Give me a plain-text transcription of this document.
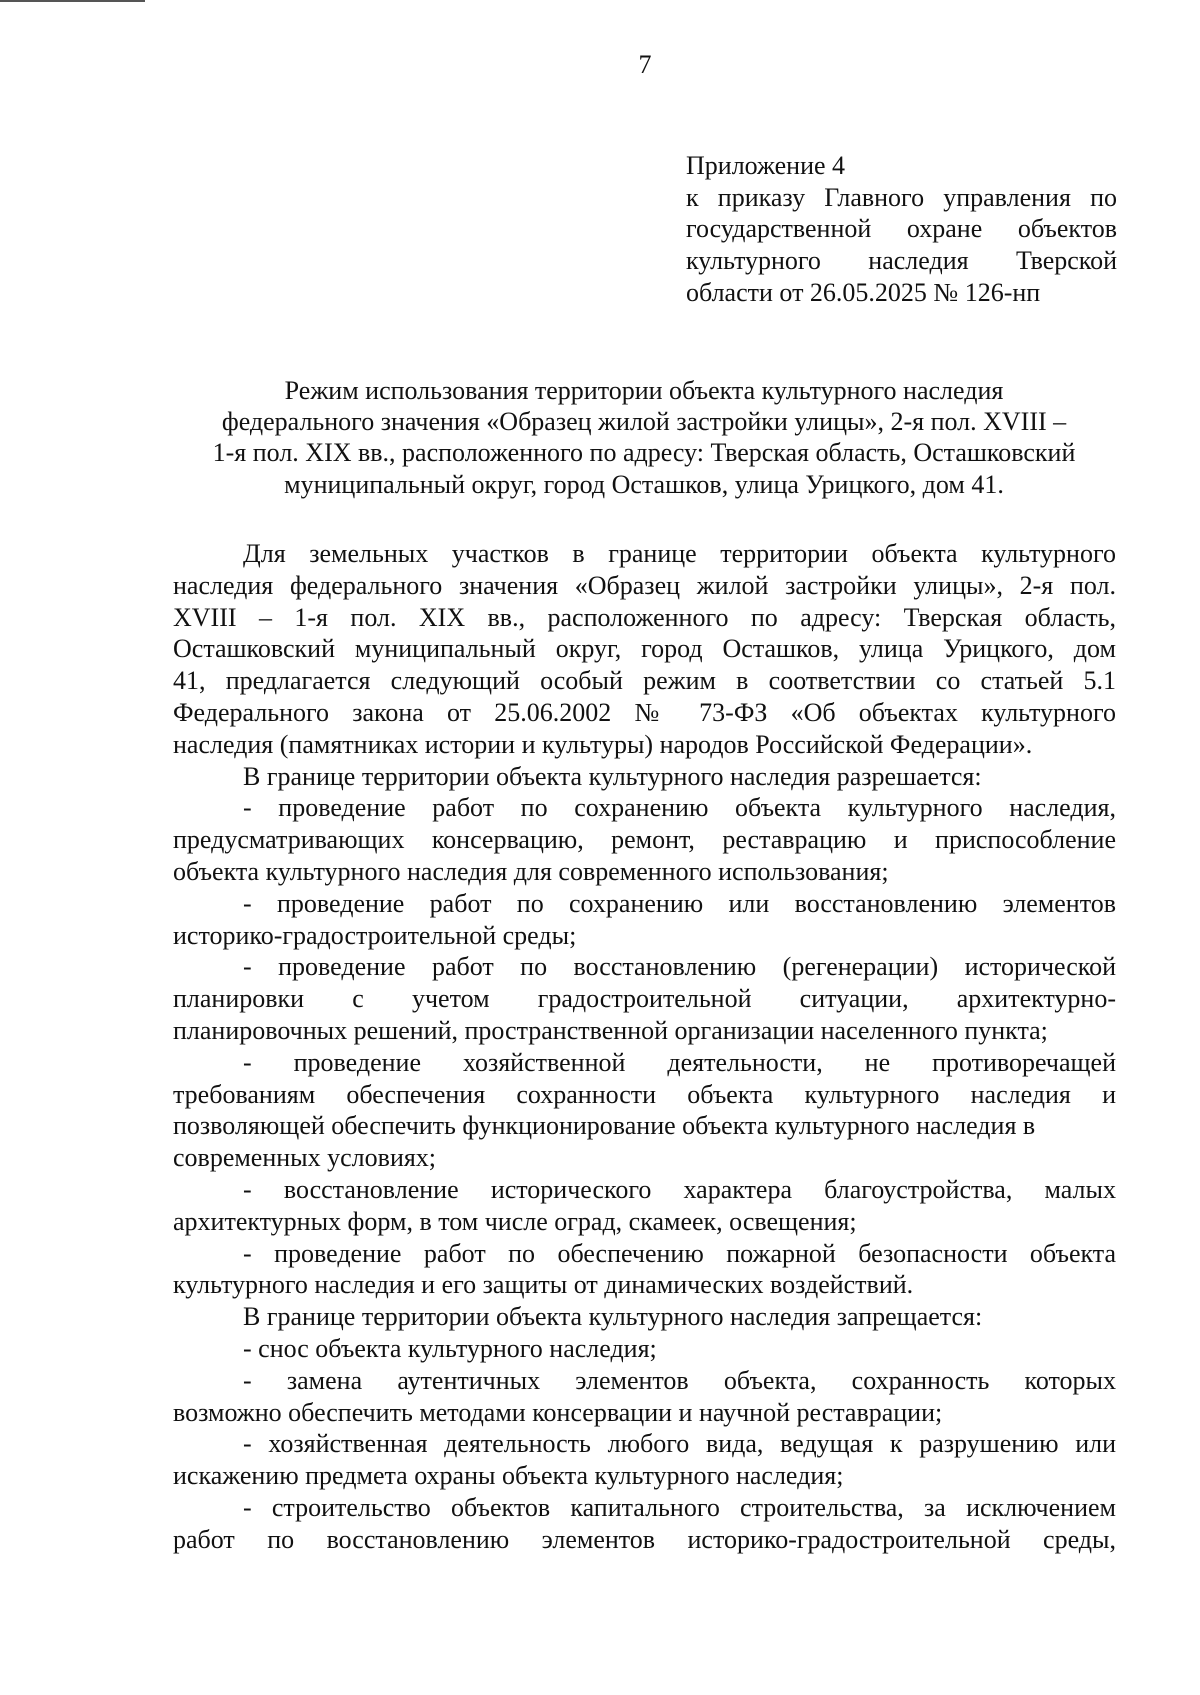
7
Приложение 4
к приказу Главного управления по
государственной охране объектов
культурного наследия Тверской
области от 26.05.2025 № 126-нп
Режим использования территории объекта культурного наследия
федерального значения «Образец жилой застройки улицы», 2-я пол. XVIII –
1-я пол. XIX вв., расположенного по адресу: Тверская область, Осташковский
муниципальный округ, город Осташков, улица Урицкого, дом 41.
Для земельных участков в границе территории объекта культурного
наследия федерального значения «Образец жилой застройки улицы», 2-я пол.
XVIII – 1-я пол. XIX вв., расположенного по адресу: Тверская область,
Осташковский муниципальный округ, город Осташков, улица Урицкого, дом
41, предлагается следующий особый режим в соответствии со статьей 5.1
Федерального закона от 25.06.2002 № 73-ФЗ «Об объектах культурного
наследия (памятниках истории и культуры) народов Российской Федерации».
В границе территории объекта культурного наследия разрешается:
- проведение работ по сохранению объекта культурного наследия,
предусматривающих консервацию, ремонт, реставрацию и приспособление
объекта культурного наследия для современного использования;
- проведение работ по сохранению или восстановлению элементов
историко-градостроительной среды;
- проведение работ по восстановлению (регенерации) исторической
планировки с учетом градостроительной ситуации, архитектурно-
планировочных решений, пространственной организации населенного пункта;
- проведение хозяйственной деятельности, не противоречащей
требованиям обеспечения сохранности объекта культурного наследия и
позволяющей обеспечить функционирование объекта культурного наследия в
современных условиях;
- восстановление исторического характера благоустройства, малых
архитектурных форм, в том числе оград, скамеек, освещения;
- проведение работ по обеспечению пожарной безопасности объекта
культурного наследия и его защиты от динамических воздействий.
В границе территории объекта культурного наследия запрещается:
- снос объекта культурного наследия;
- замена аутентичных элементов объекта, сохранность которых
возможно обеспечить методами консервации и научной реставрации;
- хозяйственная деятельность любого вида, ведущая к разрушению или
искажению предмета охраны объекта культурного наследия;
- строительство объектов капитального строительства, за исключением
работ по восстановлению элементов историко-градостроительной среды,
